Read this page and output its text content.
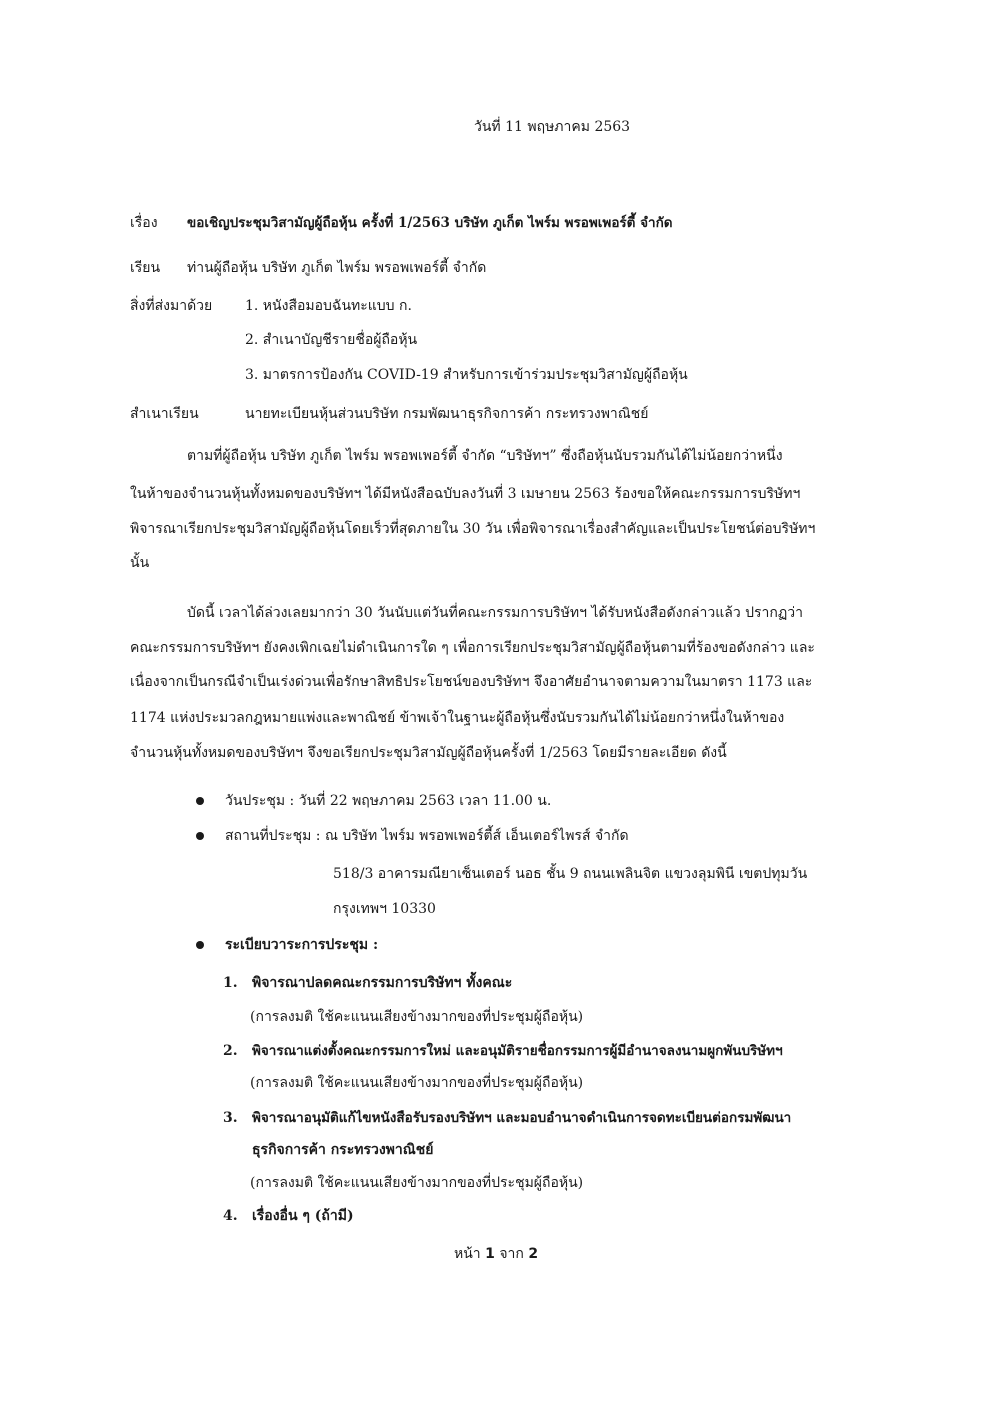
วันที่ 11 พฤษภาคม 2563
เรื่อง ขอเชิญประชุมวิสามัญผู้ถือหุ้น ครั้งที่ 1/2563 บริษัท ภูเก็ต ไพร์ม พรอพเพอร์ตี้ จำกัด
เรียน ท่านผู้ถือหุ้น บริษัท ภูเก็ต ไพร์ม พรอพเพอร์ตี้ จำกัด
สิ่งที่ส่งมาด้วย 1. หนังสือมอบฉันทะแบบ ก.
2. สำเนาบัญชีรายชื่อผู้ถือหุ้น
3. มาตรการป้องกัน COVID-19 สำหรับการเข้าร่วมประชุมวิสามัญผู้ถือหุ้น
สำเนาเรียน	นายทะเบียนหุ้นส่วนบริษัท กรมพัฒนาธุรกิจการค้า กระทรวงพาณิชย์
ตามที่ผู้ถือหุ้น บริษัท ภูเก็ต ไพร์ม พรอพเพอร์ตี้ จำกัด “บริษัทฯ” ซึ่งถือหุ้นนับรวมกันได้ไม่น้อยกว่าหนึ่ง
ในห้าของจำนวนหุ้นทั้งหมดของบริษัทฯ ได้มีหนังสือฉบับลงวันที่ 3 เมษายน 2563 ร้องขอให้คณะกรรมการบริษัทฯ
พิจารณาเรียกประชุมวิสามัญผู้ถือหุ้นโดยเร็วที่สุดภายใน 30 วัน เพื่อพิจารณาเรื่องสำคัญและเป็นประโยชน์ต่อบริษัทฯ
นั้น
บัดนี้ เวลาได้ล่วงเลยมากว่า 30 วันนับแต่วันที่คณะกรรมการบริษัทฯ ได้รับหนังสือดังกล่าวแล้ว ปรากฏว่า
คณะกรรมการบริษัทฯ ยังคงเพิกเฉยไม่ดำเนินการใด ๆ เพื่อการเรียกประชุมวิสามัญผู้ถือหุ้นตามที่ร้องขอดังกล่าว และ
เนื่องจากเป็นกรณีจำเป็นเร่งด่วนเพื่อรักษาสิทธิประโยชน์ของบริษัทฯ จึงอาศัยอำนาจตามความในมาตรา 1173 และ
1174 แห่งประมวลกฎหมายแพ่งและพาณิชย์ ข้าพเจ้าในฐานะผู้ถือหุ้นซึ่งนับรวมกันได้ไม่น้อยกว่าหนึ่งในห้าของ
จำนวนหุ้นทั้งหมดของบริษัทฯ จึงขอเรียกประชุมวิสามัญผู้ถือหุ้นครั้งที่ 1/2563 โดยมีรายละเอียด ดังนี้
วันประชุม : วันที่ 22 พฤษภาคม 2563 เวลา 11.00 น.
สถานที่ประชุม : ณ บริษัท ไพร์ม พรอพเพอร์ตี้ส์ เอ็นเตอร์ไพรส์ จำกัด
518/3 อาคารมณียาเซ็นเตอร์ นอธ ชั้น 9 ถนนเพลินจิต แขวงลุมพินี เขตปทุมวัน
กรุงเทพฯ 10330
ระเบียบวาระการประชุม :
1. พิจารณาปลดคณะกรรมการบริษัทฯ ทั้งคณะ
(การลงมติ ใช้คะแนนเสียงข้างมากของที่ประชุมผู้ถือหุ้น)
2. พิจารณาแต่งตั้งคณะกรรมการใหม่ และอนุมัติรายชื่อกรรมการผู้มีอำนาจลงนามผูกพันบริษัทฯ
(การลงมติ ใช้คะแนนเสียงข้างมากของที่ประชุมผู้ถือหุ้น)
3. พิจารณาอนุมัติแก้ไขหนังสือรับรองบริษัทฯ และมอบอำนาจดำเนินการจดทะเบียนต่อกรมพัฒนา
ธุรกิจการค้า กระทรวงพาณิชย์
(การลงมติ ใช้คะแนนเสียงข้างมากของที่ประชุมผู้ถือหุ้น)
4. เรื่องอื่น ๆ (ถ้ามี)
หน้า 1 จาก 2
